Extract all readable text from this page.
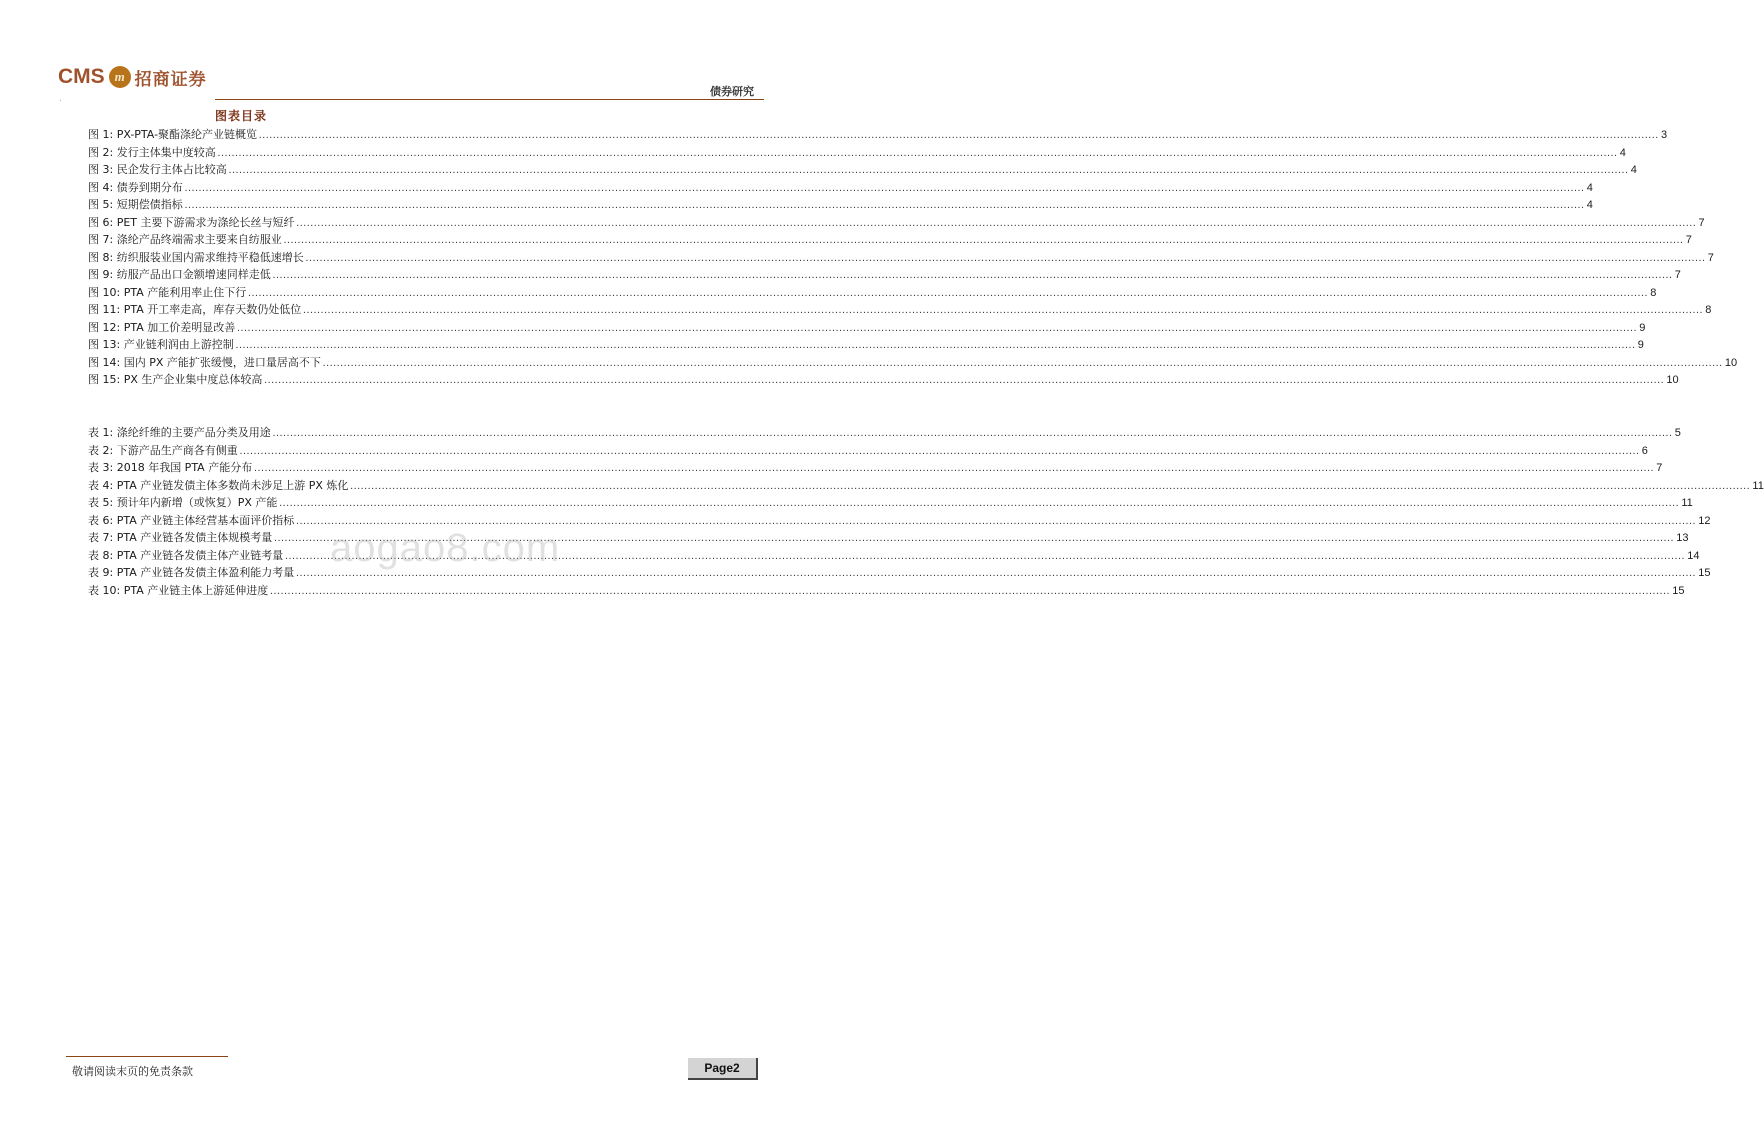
CMS m 招商证券
债券研究
图表目录
图 1: PX-PTA-聚酯涤纶产业链概览 ................................................................................................................................................................................................................................................................................................................................................................................................................ 3
图 2: 发行主体集中度较高 ................................................................................................................................................................................................................................................................................................................................................................................................................ 4
图 3: 民企发行主体占比较高 ................................................................................................................................................................................................................................................................................................................................................................................................................ 4
图 4: 债券到期分布 ................................................................................................................................................................................................................................................................................................................................................................................................................ 4
图 5: 短期偿债指标 ................................................................................................................................................................................................................................................................................................................................................................................................................ 4
图 6: PET 主要下游需求为涤纶长丝与短纤 ................................................................................................................................................................................................................................................................................................................................................................................................................ 7
图 7: 涤纶产品终端需求主要来自纺服业 ................................................................................................................................................................................................................................................................................................................................................................................................................ 7
图 8: 纺织服装业国内需求维持平稳低速增长 ................................................................................................................................................................................................................................................................................................................................................................................................................ 7
图 9: 纺服产品出口金额增速同样走低 ................................................................................................................................................................................................................................................................................................................................................................................................................ 7
图 10: PTA 产能利用率止住下行 ................................................................................................................................................................................................................................................................................................................................................................................................................ 8
图 11: PTA 开工率走高，库存天数仍处低位 ................................................................................................................................................................................................................................................................................................................................................................................................................ 8
图 12: PTA 加工价差明显改善 ................................................................................................................................................................................................................................................................................................................................................................................................................ 9
图 13: 产业链利润由上游控制 ................................................................................................................................................................................................................................................................................................................................................................................................................ 9
图 14: 国内 PX 产能扩张缓慢，进口量居高不下 ................................................................................................................................................................................................................................................................................................................................................................................................................ 10
图 15: PX 生产企业集中度总体较高 ................................................................................................................................................................................................................................................................................................................................................................................................................ 10
表 1: 涤纶纤维的主要产品分类及用途 ................................................................................................................................................................................................................................................................................................................................................................................................................ 5
表 2: 下游产品生产商各有侧重 ................................................................................................................................................................................................................................................................................................................................................................................................................ 6
表 3: 2018 年我国 PTA 产能分布 ................................................................................................................................................................................................................................................................................................................................................................................................................ 7
表 4: PTA 产业链发债主体多数尚未涉足上游 PX 炼化 ................................................................................................................................................................................................................................................................................................................................................................................................................ 11
表 5: 预计年内新增（或恢复）PX 产能 ................................................................................................................................................................................................................................................................................................................................................................................................................ 11
表 6: PTA 产业链主体经营基本面评价指标 ................................................................................................................................................................................................................................................................................................................................................................................................................ 12
表 7: PTA 产业链各发债主体规模考量 ................................................................................................................................................................................................................................................................................................................................................................................................................ 13
表 8: PTA 产业链各发债主体产业链考量 ................................................................................................................................................................................................................................................................................................................................................................................................................ 14
表 9: PTA 产业链各发债主体盈利能力考量 ................................................................................................................................................................................................................................................................................................................................................................................................................ 15
表 10: PTA 产业链主体上游延伸进度 ................................................................................................................................................................................................................................................................................................................................................................................................................ 15
aogao8.com
敬请阅读末页的免责条款	Page2
